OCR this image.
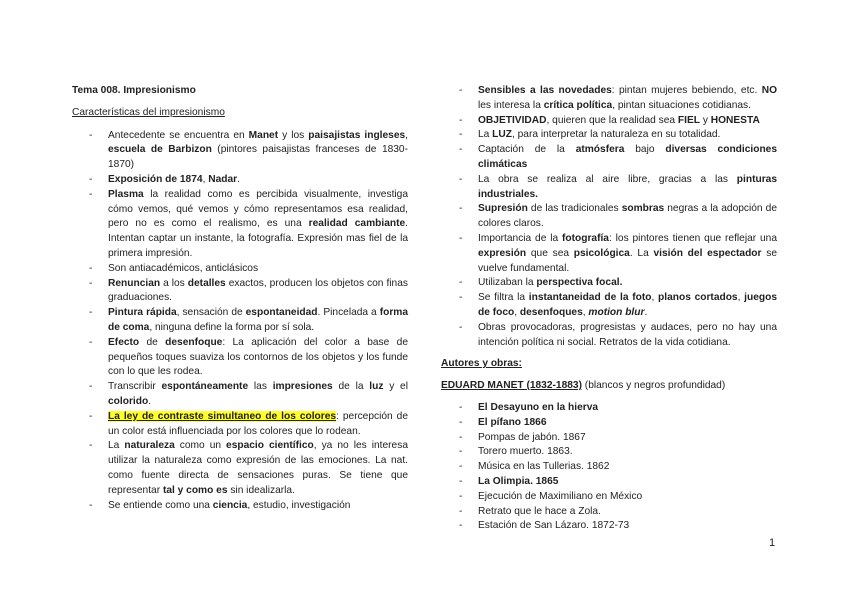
Tema 008. Impresionismo
Características del impresionismo
- Antecedente se encuentra en Manet y los paisajistas ingleses, escuela de Barbizon (pintores paisajistas franceses de 1830-1870)
- Exposición de 1874, Nadar.
- Plasma la realidad como es percibida visualmente, investiga cómo vemos, qué vemos y cómo representamos esa realidad, pero no es como el realismo, es una realidad cambiante. Intentan captar un instante, la fotografía. Expresión mas fiel de la primera impresión.
- Son antiacadémicos, anticlásicos
- Renuncian a los detalles exactos, producen los objetos con finas graduaciones.
- Pintura rápida, sensación de espontaneidad. Pincelada a forma de coma, ninguna define la forma por sí sola.
- Efecto de desenfoque: La aplicación del color a base de pequeños toques suaviza los contornos de los objetos y los funde con lo que les rodea.
- Transcribir espontáneamente las impresiones de la luz y el colorido.
- La ley de contraste simultaneo de los colores: percepción de un color está influenciada por los colores que lo rodean.
- La naturaleza como un espacio científico, ya no les interesa utilizar la naturaleza como expresión de las emociones. La nat. como fuente directa de sensaciones puras. Se tiene que representar tal y como es sin idealizarla.
- Se entiende como una ciencia, estudio, investigación
- Sensibles a las novedades: pintan mujeres bebiendo, etc. NO les interesa la crítica política, pintan situaciones cotidianas.
- OBJETIVIDAD, quieren que la realidad sea FIEL y HONESTA
- La LUZ, para interpretar la naturaleza en su totalidad.
- Captación de la atmósfera bajo diversas condiciones climáticas
- La obra se realiza al aire libre, gracias a las pinturas industriales.
- Supresión de las tradicionales sombras negras a la adopción de colores claros.
- Importancia de la fotografía: los pintores tienen que reflejar una expresión que sea psicológica. La visión del espectador se vuelve fundamental.
- Utilizaban la perspectiva focal.
- Se filtra la instantaneidad de la foto, planos cortados, juegos de foco, desenfoques, motion blur.
- Obras provocadoras, progresistas y audaces, pero no hay una intención política ni social. Retratos de la vida cotidiana.
Autores y obras:
EDUARD MANET (1832-1883) (blancos y negros profundidad)
- El Desayuno en la hierva
- El pífano 1866
- Pompas de jabón. 1867
- Torero muerto. 1863.
- Música en las Tullerias. 1862
- La Olimpia. 1865
- Ejecución de Maximiliano en México
- Retrato que le hace a Zola.
- Estación de San Lázaro. 1872-73
1
